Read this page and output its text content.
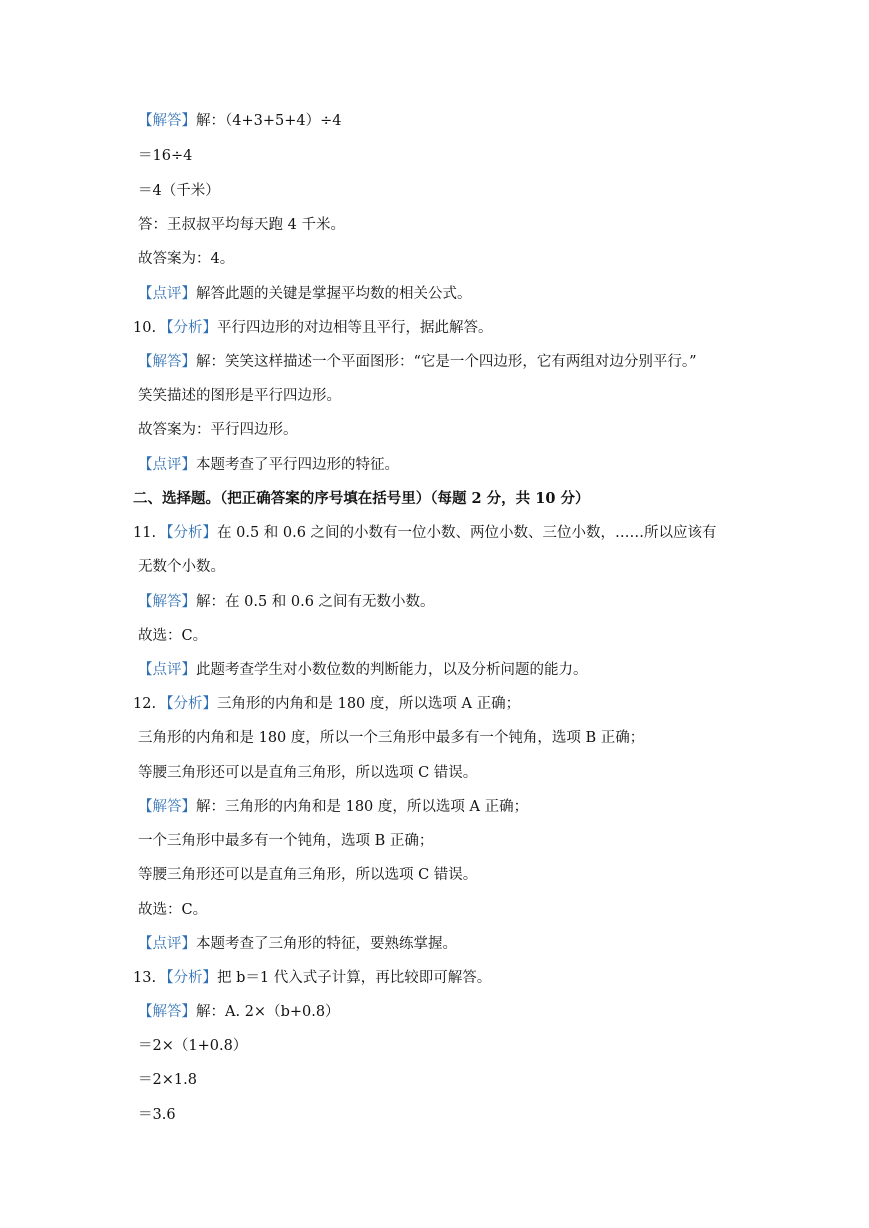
【解答】解：（4+3+5+4）÷4
＝16÷4
＝4（千米）
答：王叔叔平均每天跑 4 千米。
故答案为：4。
【点评】解答此题的关键是掌握平均数的相关公式。
10. 【分析】平行四边形的对边相等且平行，据此解答。
【解答】解：笑笑这样描述一个平面图形：“它是一个四边形，它有两组对边分别平行。”
笑笑描述的图形是平行四边形。
故答案为：平行四边形。
【点评】本题考查了平行四边形的特征。
二、选择题。（把正确答案的序号填在括号里）（每题 2 分，共 10 分）
11. 【分析】在 0.5 和 0.6 之间的小数有一位小数、两位小数、三位小数，……所以应该有
无数个小数。
【解答】解：在 0.5 和 0.6 之间有无数小数。
故选：C。
【点评】此题考查学生对小数位数的判断能力，以及分析问题的能力。
12. 【分析】三角形的内角和是 180 度，所以选项 A 正确；
三角形的内角和是 180 度，所以一个三角形中最多有一个钝角，选项 B 正确；
等腰三角形还可以是直角三角形，所以选项 C 错误。
【解答】解：三角形的内角和是 180 度，所以选项 A 正确；
一个三角形中最多有一个钝角，选项 B 正确；
等腰三角形还可以是直角三角形，所以选项 C 错误。
故选：C。
【点评】本题考查了三角形的特征，要熟练掌握。
13. 【分析】把 b＝1 代入式子计算，再比较即可解答。
【解答】解：A. 2×（b+0.8）
＝2×（1+0.8）
＝2×1.8
＝3.6
